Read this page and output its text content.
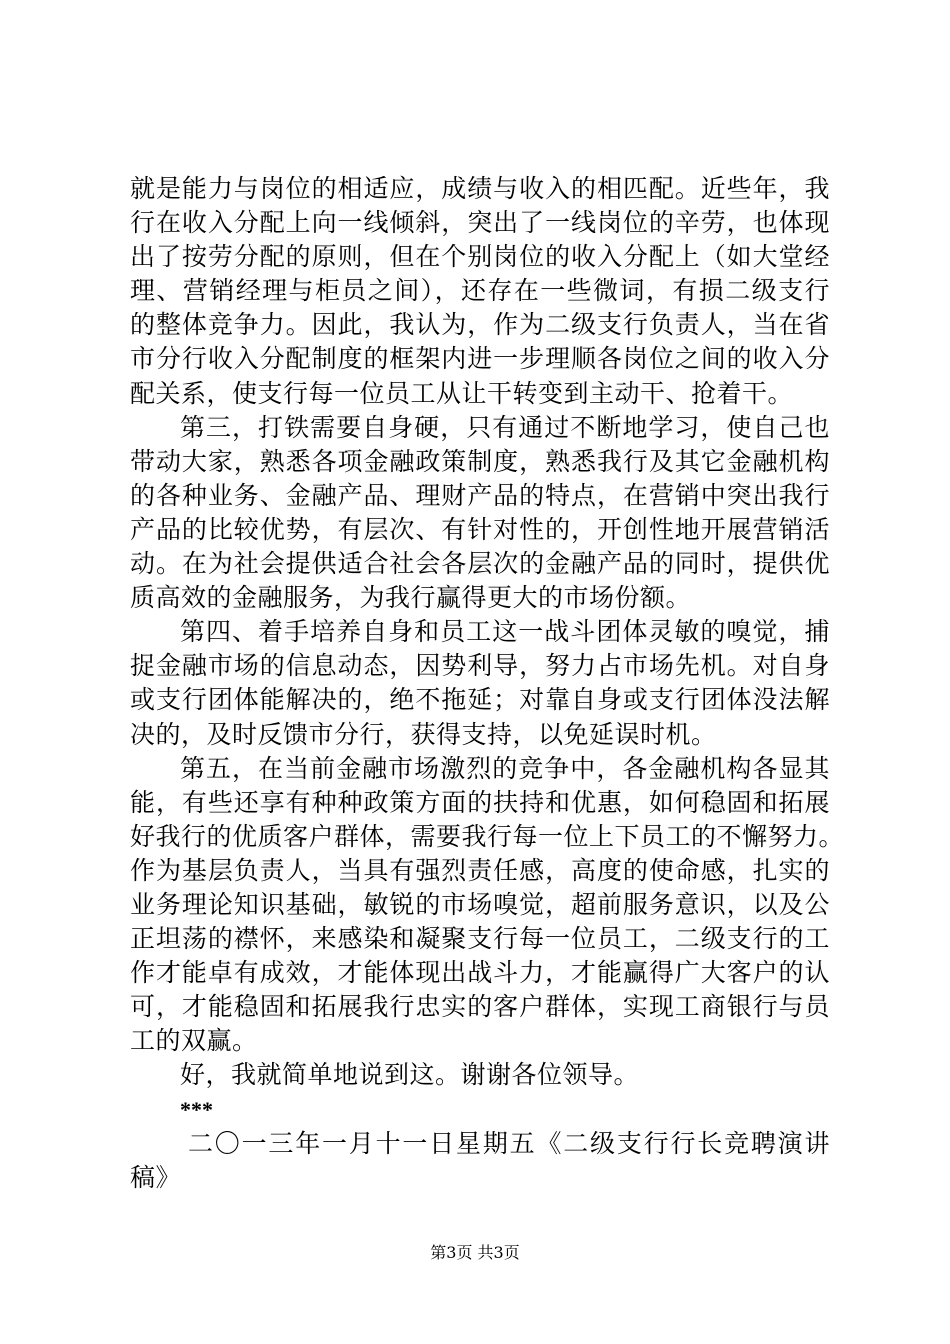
就是能力与岗位的相适应，成绩与收入的相匹配。近些年，我
行在收入分配上向一线倾斜，突出了一线岗位的辛劳，也体现
出了按劳分配的原则，但在个别岗位的收入分配上（如大堂经
理、营销经理与柜员之间），还存在一些微词，有损二级支行
的整体竞争力。因此，我认为，作为二级支行负责人，当在省
市分行收入分配制度的框架内进一步理顺各岗位之间的收入分
配关系，使支行每一位员工从让干转变到主动干、抢着干。
第三，打铁需要自身硬，只有通过不断地学习，使自己也
带动大家，熟悉各项金融政策制度，熟悉我行及其它金融机构
的各种业务、金融产品、理财产品的特点，在营销中突出我行
产品的比较优势，有层次、有针对性的，开创性地开展营销活
动。在为社会提供适合社会各层次的金融产品的同时，提供优
质高效的金融服务，为我行赢得更大的市场份额。
第四、着手培养自身和员工这一战斗团体灵敏的嗅觉，捕
捉金融市场的信息动态，因势利导，努力占市场先机。对自身
或支行团体能解决的，绝不拖延；对靠自身或支行团体没法解
决的，及时反馈市分行，获得支持，以免延误时机。
第五，在当前金融市场激烈的竞争中，各金融机构各显其
能，有些还享有种种政策方面的扶持和优惠，如何稳固和拓展
好我行的优质客户群体，需要我行每一位上下员工的不懈努力。
作为基层负责人，当具有强烈责任感，高度的使命感，扎实的
业务理论知识基础，敏锐的市场嗅觉，超前服务意识，以及公
正坦荡的襟怀，来感染和凝聚支行每一位员工，二级支行的工
作才能卓有成效，才能体现出战斗力，才能赢得广大客户的认
可，才能稳固和拓展我行忠实的客户群体，实现工商银行与员
工的双赢。
好，我就简单地说到这。谢谢各位领导。
***
二〇一三年一月十一日星期五《二级支行行长竞聘演讲
稿》
第3页 共3页
